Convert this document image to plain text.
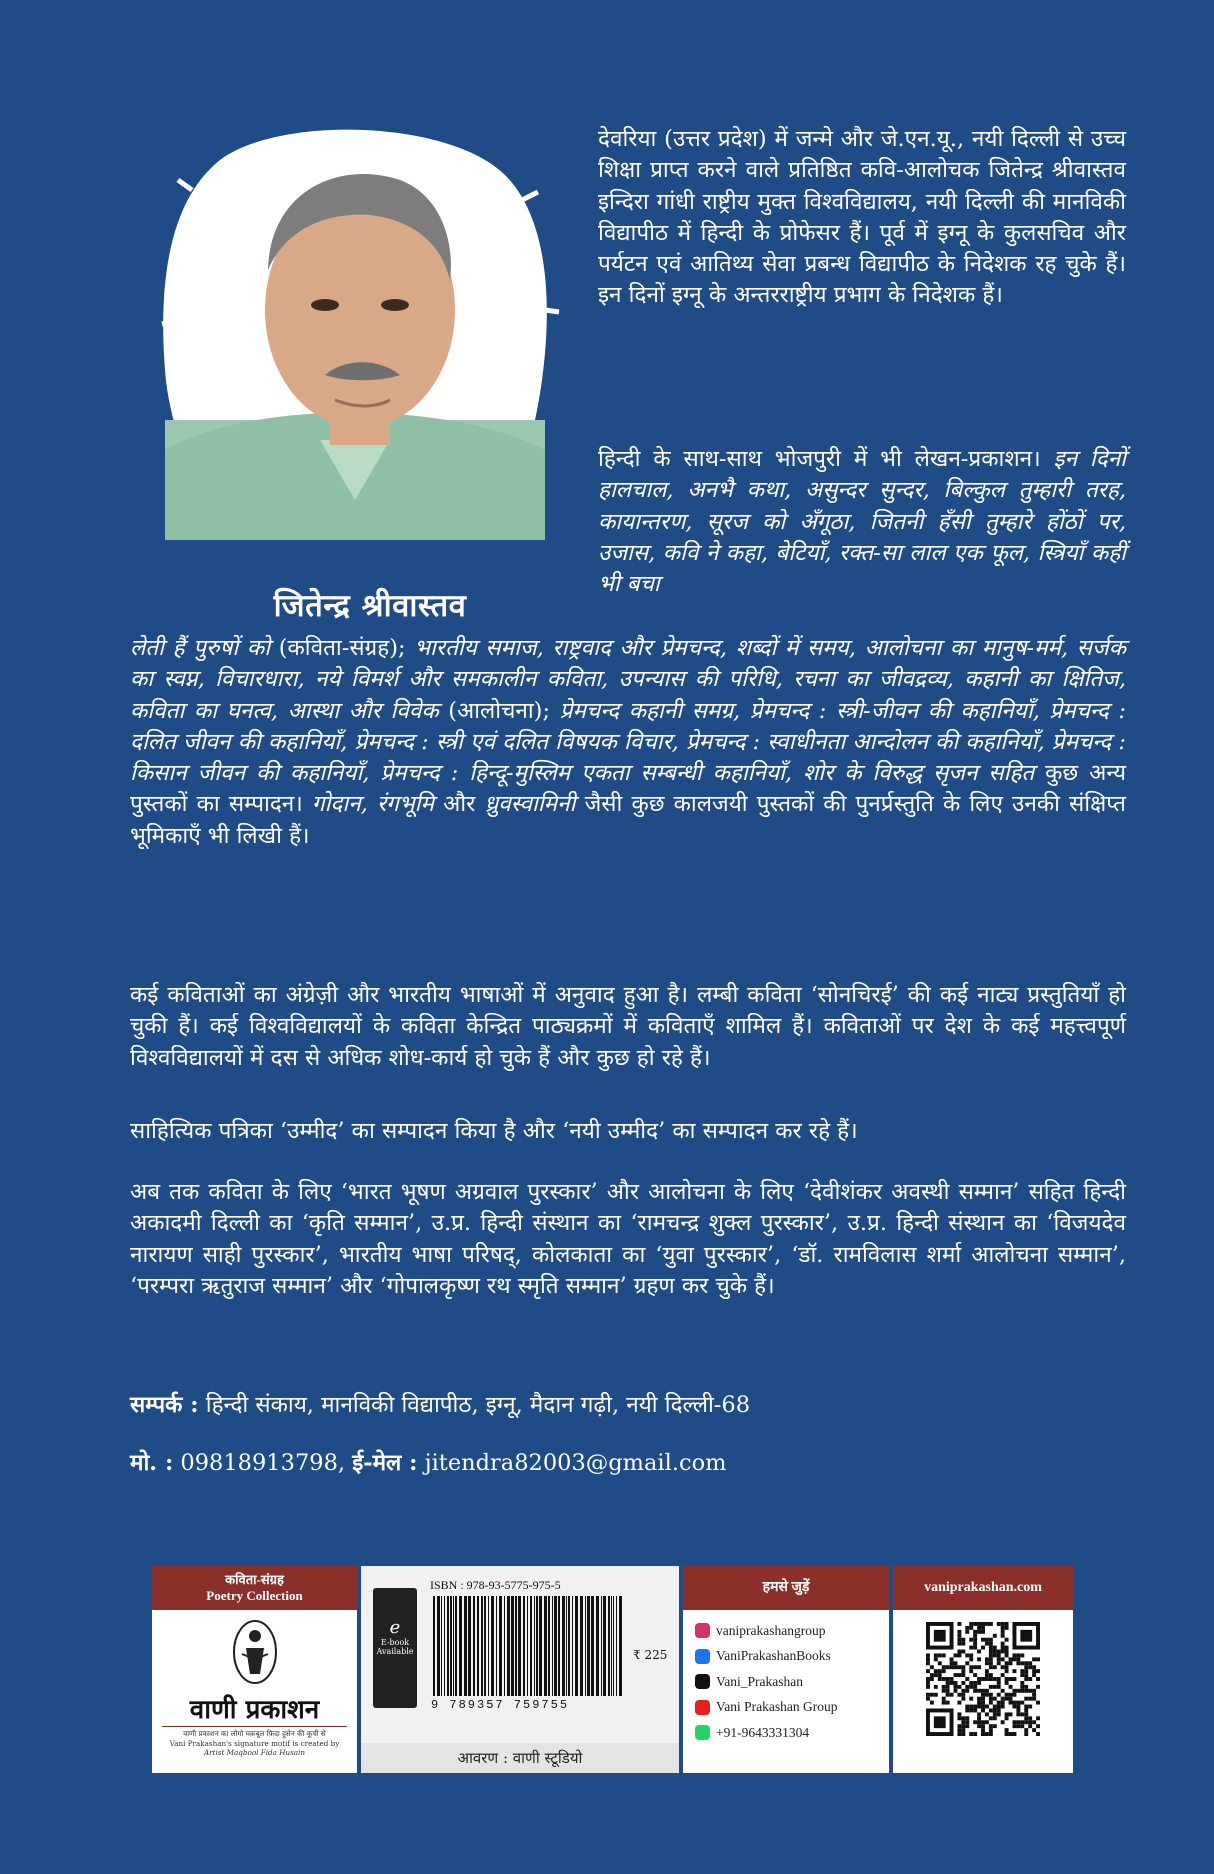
जितेन्द्र श्रीवास्तव
देवरिया (उत्तर प्रदेश) में जन्मे और जे.एन.यू., नयी दिल्ली से उच्च शिक्षा प्राप्त करने वाले प्रतिष्ठित कवि-आलोचक जितेन्द्र श्रीवास्तव इन्दिरा गांधी राष्ट्रीय मुक्त विश्वविद्यालय, नयी दिल्ली की मानविकी विद्यापीठ में हिन्दी के प्रोफेसर हैं। पूर्व में इग्नू के कुलसचिव और पर्यटन एवं आतिथ्य सेवा प्रबन्ध विद्यापीठ के निदेशक रह चुके हैं। इन दिनों इग्नू के अन्तरराष्ट्रीय प्रभाग के निदेशक हैं।
हिन्दी के साथ-साथ भोजपुरी में भी लेखन-प्रकाशन। इन दिनों हालचाल, अनभै कथा, असुन्दर सुन्दर, बिल्कुल तुम्हारी तरह, कायान्तरण, सूरज को अँगूठा, जितनी हँसी तुम्हारे होंठों पर, उजास, कवि ने कहा, बेटियाँ, रक्त-सा लाल एक फूल, स्त्रियाँ कहीं भी बचा
लेती हैं पुरुषों को (कविता-संग्रह); भारतीय समाज, राष्ट्रवाद और प्रेमचन्द, शब्दों में समय, आलोचना का मानुष-मर्म, सर्जक का स्वप्न, विचारधारा, नये विमर्श और समकालीन कविता, उपन्यास की परिधि, रचना का जीवद्रव्य, कहानी का क्षितिज, कविता का घनत्व, आस्था और विवेक (आलोचना); प्रेमचन्द कहानी समग्र, प्रेमचन्द : स्त्री-जीवन की कहानियाँ, प्रेमचन्द : दलित जीवन की कहानियाँ, प्रेमचन्द : स्त्री एवं दलित विषयक विचार, प्रेमचन्द : स्वाधीनता आन्दोलन की कहानियाँ, प्रेमचन्द : किसान जीवन की कहानियाँ, प्रेमचन्द : हिन्दू-मुस्लिम एकता सम्बन्धी कहानियाँ, शोर के विरुद्ध सृजन सहित कुछ अन्य पुस्तकों का सम्पादन। गोदान, रंगभूमि और ध्रुवस्वामिनी जैसी कुछ कालजयी पुस्तकों की पुनर्प्रस्तुति के लिए उनकी संक्षिप्त भूमिकाएँ भी लिखी हैं।
कई कविताओं का अंग्रेज़ी और भारतीय भाषाओं में अनुवाद हुआ है। लम्बी कविता ‘सोनचिरई’ की कई नाट्य प्रस्तुतियाँ हो चुकी हैं। कई विश्वविद्यालयों के कविता केन्द्रित पाठ्यक्रमों में कविताएँ शामिल हैं। कविताओं पर देश के कई महत्त्वपूर्ण विश्वविद्यालयों में दस से अधिक शोध-कार्य हो चुके हैं और कुछ हो रहे हैं।
साहित्यिक पत्रिका ‘उम्मीद’ का सम्पादन किया है और ‘नयी उम्मीद’ का सम्पादन कर रहे हैं।
अब तक कविता के लिए ‘भारत भूषण अग्रवाल पुरस्कार’ और आलोचना के लिए ‘देवीशंकर अवस्थी सम्मान’ सहित हिन्दी अकादमी दिल्ली का ‘कृति सम्मान’, उ.प्र. हिन्दी संस्थान का ‘रामचन्द्र शुक्ल पुरस्कार’, उ.प्र. हिन्दी संस्थान का ‘विजयदेव नारायण साही पुरस्कार’, भारतीय भाषा परिषद्, कोलकाता का ‘युवा पुरस्कार’, ‘डॉ. रामविलास शर्मा आलोचना सम्मान’, ‘परम्परा ऋतुराज सम्मान’ और ‘गोपालकृष्ण रथ स्मृति सम्मान’ ग्रहण कर चुके हैं।
सम्पर्क : हिन्दी संकाय, मानविकी विद्यापीठ, इग्नू, मैदान गढ़ी, नयी दिल्ली-68
मो. : 09818913798, ई-मेल : jitendra82003@gmail.com
कविता-संग्रह
Poetry Collection
वाणी प्रकाशन
वाणी प्रकाशन का लोगो मक़बूल फ़िदा हुसेन की कूची से
Vani Prakashan's signature motif is created by
Artist Maqbool Fida Husain
e
E-book Available
ISBN : 978-93-5775-975-5
9 789357 759755
₹ 225
आवरण : वाणी स्टूडियो
हमसे जुड़ें
vaniprakashangroup
VaniPrakashanBooks
Vani_Prakashan
Vani Prakashan Group
+91-9643331304
vaniprakashan.com
